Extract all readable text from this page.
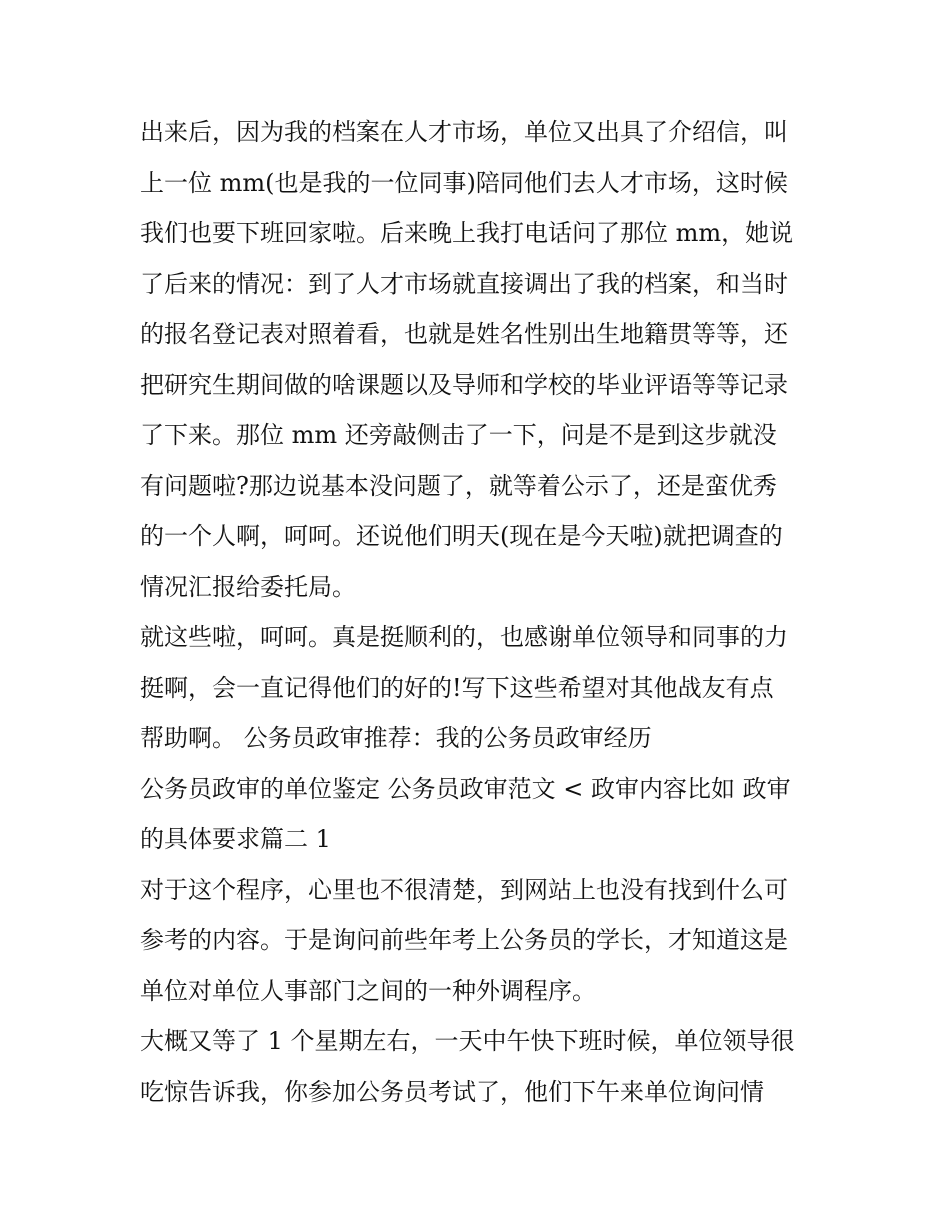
出来后，因为我的档案在人才市场，单位又出具了介绍信，叫
上一位 mm(也是我的一位同事)陪同他们去人才市场，这时候
我们也要下班回家啦。后来晚上我打电话问了那位 mm，她说
了后来的情况：到了人才市场就直接调出了我的档案，和当时
的报名登记表对照着看，也就是姓名性别出生地籍贯等等，还
把研究生期间做的啥课题以及导师和学校的毕业评语等等记录
了下来。那位 mm 还旁敲侧击了一下，问是不是到这步就没
有问题啦?那边说基本没问题了，就等着公示了，还是蛮优秀
的一个人啊，呵呵。还说他们明天(现在是今天啦)就把调查的
情况汇报给委托局。
就这些啦，呵呵。真是挺顺利的，也感谢单位领导和同事的力
挺啊，会一直记得他们的好的!写下这些希望对其他战友有点
帮助啊。 公务员政审推荐：我的公务员政审经历
公务员政审的单位鉴定 公务员政审范文 < 政审内容比如 政审
的具体要求篇二 1
对于这个程序，心里也不很清楚，到网站上也没有找到什么可
参考的内容。于是询问前些年考上公务员的学长，才知道这是
单位对单位人事部门之间的一种外调程序。
大概又等了 1 个星期左右，一天中午快下班时候，单位领导很
吃惊告诉我，你参加公务员考试了，他们下午来单位询问情
